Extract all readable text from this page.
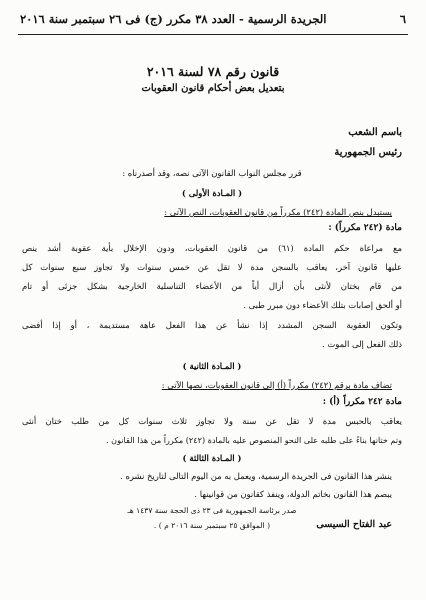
٦
الجريدة الرسمية - العدد ٣٨ مكرر (ج) فى ٢٦ سبتمبر سنة ٢٠١٦
قانون رقم ٧٨ لسنة ٢٠١٦
بتعديل بعض أحكام قانون العقوبات
باسم الشعب
رئيس الجمهورية
قرر مجلس النواب القانون الآتى نصه، وقد أصدرناه :
( المـادة الأولى )
يستبدل بنص المادة (٢٤٢) مكرراً من قانون العقوبات، النص الآتى :
مادة (٢٤٢ مكرراً) :
مع مراعاة حكم المادة (٦١) من قانون العقوبات، ودون الإخلال بأية عقوبة أشد ينص
عليها قانون آخر، يعاقب بالسجن مدة لا تقل عن خمس سنوات ولا تجاوز سبع سنوات كل
من قام بختان لأنثى بأن أزال أياً من الأعضاء التناسلية الخارجية بشكل جزئى أو تام
أو ألحق إصابات بتلك الأعضاء دون مبرر طبى .
وتكون العقوبة السجن المشدد إذا نشأ عن هذا الفعل عاهة مستديمة ، أو إذا أفضى
ذلك الفعل إلى الموت .
( المـادة الثانية )
تضاف مادة برقم (٢٤٢) مكرراً (أ) إلى قانون العقوبات، نصها الآتى :
مادة ٢٤٢ مكرراً (أ) :
يعاقب بالحبس مدة لا تقل عن سنة ولا تجاوز ثلاث سنوات كل من طلب ختان أنثى
وتم ختانها بناءً على طلبه على النحو المنصوص عليه بالمادة (٢٤٢) مكرراً من هذا القانون .
( المـادة الثالثة )
ينشر هذا القانون فى الجريدة الرسمية، ويعمل به من اليوم التالى لتاريخ نشره .
يبصم هذا القانون بخاتم الدولة، وينفذ كقانون من قوانينها .
صدر برئاسة الجمهورية فى ٢٣ ذى الحجة سنة ١٤٣٧ هـ
( الموافق ٢٥ سبتمبر سنة ٢٠١٦ م ) .	عبد الفتاح السيسى
